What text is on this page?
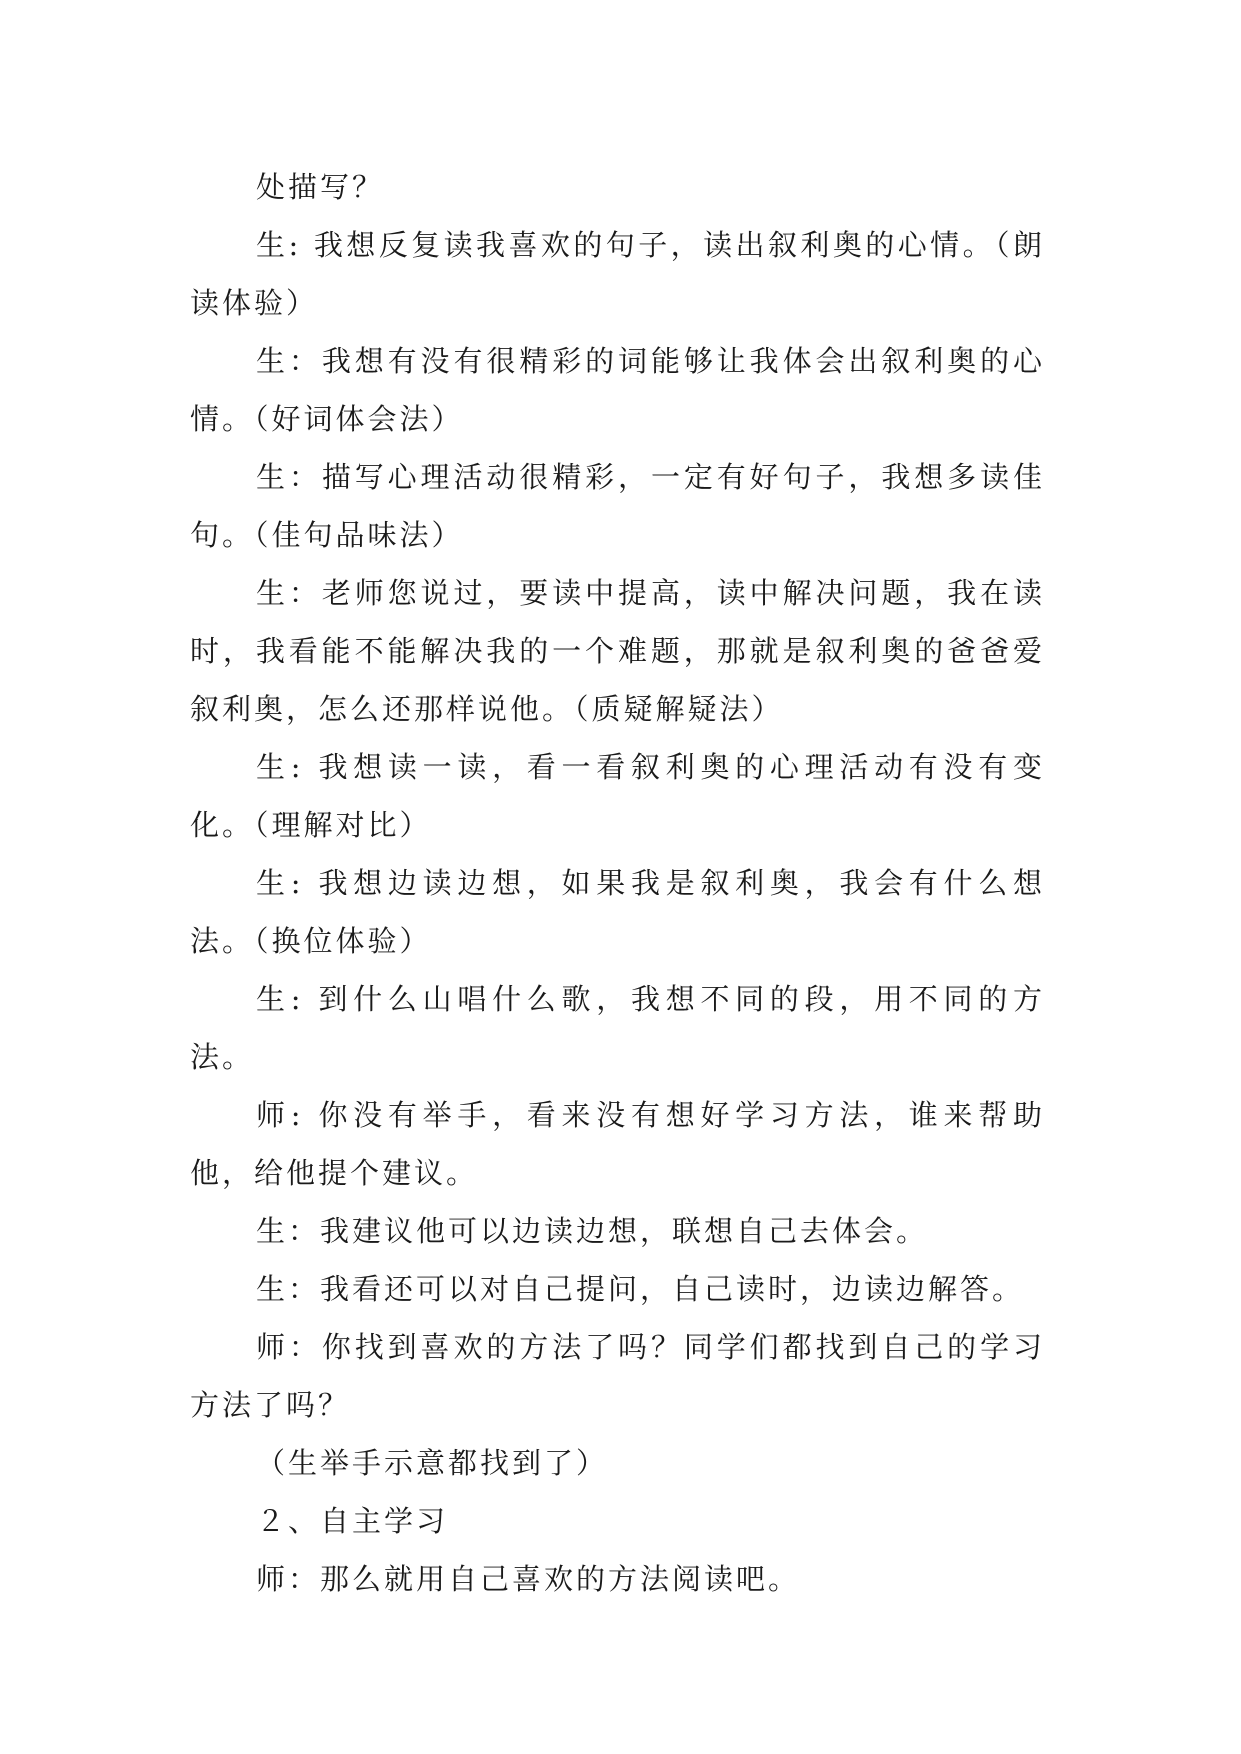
处描写？

生: 我想反复读我喜欢的句子，读出叙利奥的心情。（朗读体验）

生：我想有没有很精彩的词能够让我体会出叙利奥的心情。（好词体会法）

生：描写心理活动很精彩，一定有好句子，我想多读佳句。（佳句品味法）

生：老师您说过，要读中提高，读中解决问题，我在读时，我看能不能解决我的一个难题，那就是叙利奥的爸爸爱叙利奥，怎么还那样说他。（质疑解疑法）

生: 我想读一读，看一看叙利奥的心理活动有没有变化。（理解对比）

生: 我想边读边想，如果我是叙利奥，我会有什么想法。（换位体验）

生: 到什么山唱什么歌，我想不同的段，用不同的方法。

师: 你没有举手，看来没有想好学习方法，谁来帮助他，给他提个建议。

生：我建议他可以边读边想，联想自己去体会。

生：我看还可以对自己提问，自己读时，边读边解答。

师：你找到喜欢的方法了吗？同学们都找到自己的学习方法了吗？

（生举手示意都找到了）

２、自主学习

师：那么就用自己喜欢的方法阅读吧。
